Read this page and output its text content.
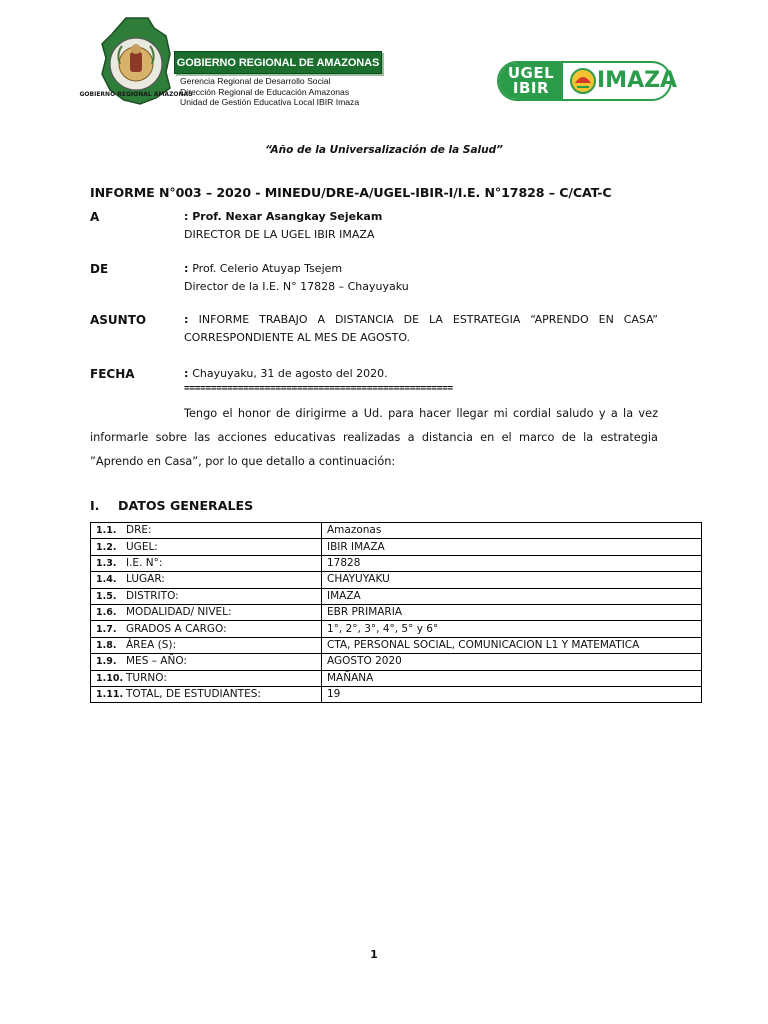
GOBIERNO REGIONAL AMAZONAS
GOBIERNO REGIONAL DE AMAZONAS
Gerencia Regional de Desarrollo Social
Dirección Regional de Educación Amazonas
Unidad de Gestión Educativa Local IBIR Imaza
UGEL
IBIR	IMAZA
“Año de la Universalización de la Salud”
INFORME N°003 – 2020 - MINEDU/DRE-A/UGEL-IBIR-I/I.E. N°17828 – C/CAT-C
A	: Prof. Nexar Asangkay Sejekam
DIRECTOR DE LA UGEL IBIR IMAZA
DE	: Prof. Celerio Atuyap Tsejem
Director de la I.E. N° 17828 – Chayuyaku
ASUNTO	: INFORME TRABAJO A DISTANCIA DE LA ESTRATEGIA “APRENDO EN CASA” CORRESPONDIENTE AL MES DE AGOSTO.
FECHA	: Chayuyaku, 31 de agosto del 2020.
==================================================
Tengo el honor de dirigirme a Ud. para hacer llegar mi cordial saludo y a la vez informarle sobre las acciones educativas realizadas a distancia en el marco de la estrategia ”Aprendo en Casa”, por lo que detallo a continuación:
I. DATOS GENERALES
1.1. DRE:	Amazonas
1.2. UGEL:	IBIR IMAZA
1.3. I.E. N°:	17828
1.4. LUGAR:	CHAYUYAKU
1.5. DISTRITO:	IMAZA
1.6. MODALIDAD/ NIVEL:	EBR PRIMARIA
1.7. GRADOS A CARGO:	1°, 2°, 3°, 4°, 5° y 6°
1.8. ÁREA (S):	CTA, PERSONAL SOCIAL, COMUNICACION L1 Y MATEMATICA
1.9. MES – AÑO:	AGOSTO 2020
1.10. TURNO:	MAÑANA
1.11. TOTAL, DE ESTUDIANTES:	19
1
